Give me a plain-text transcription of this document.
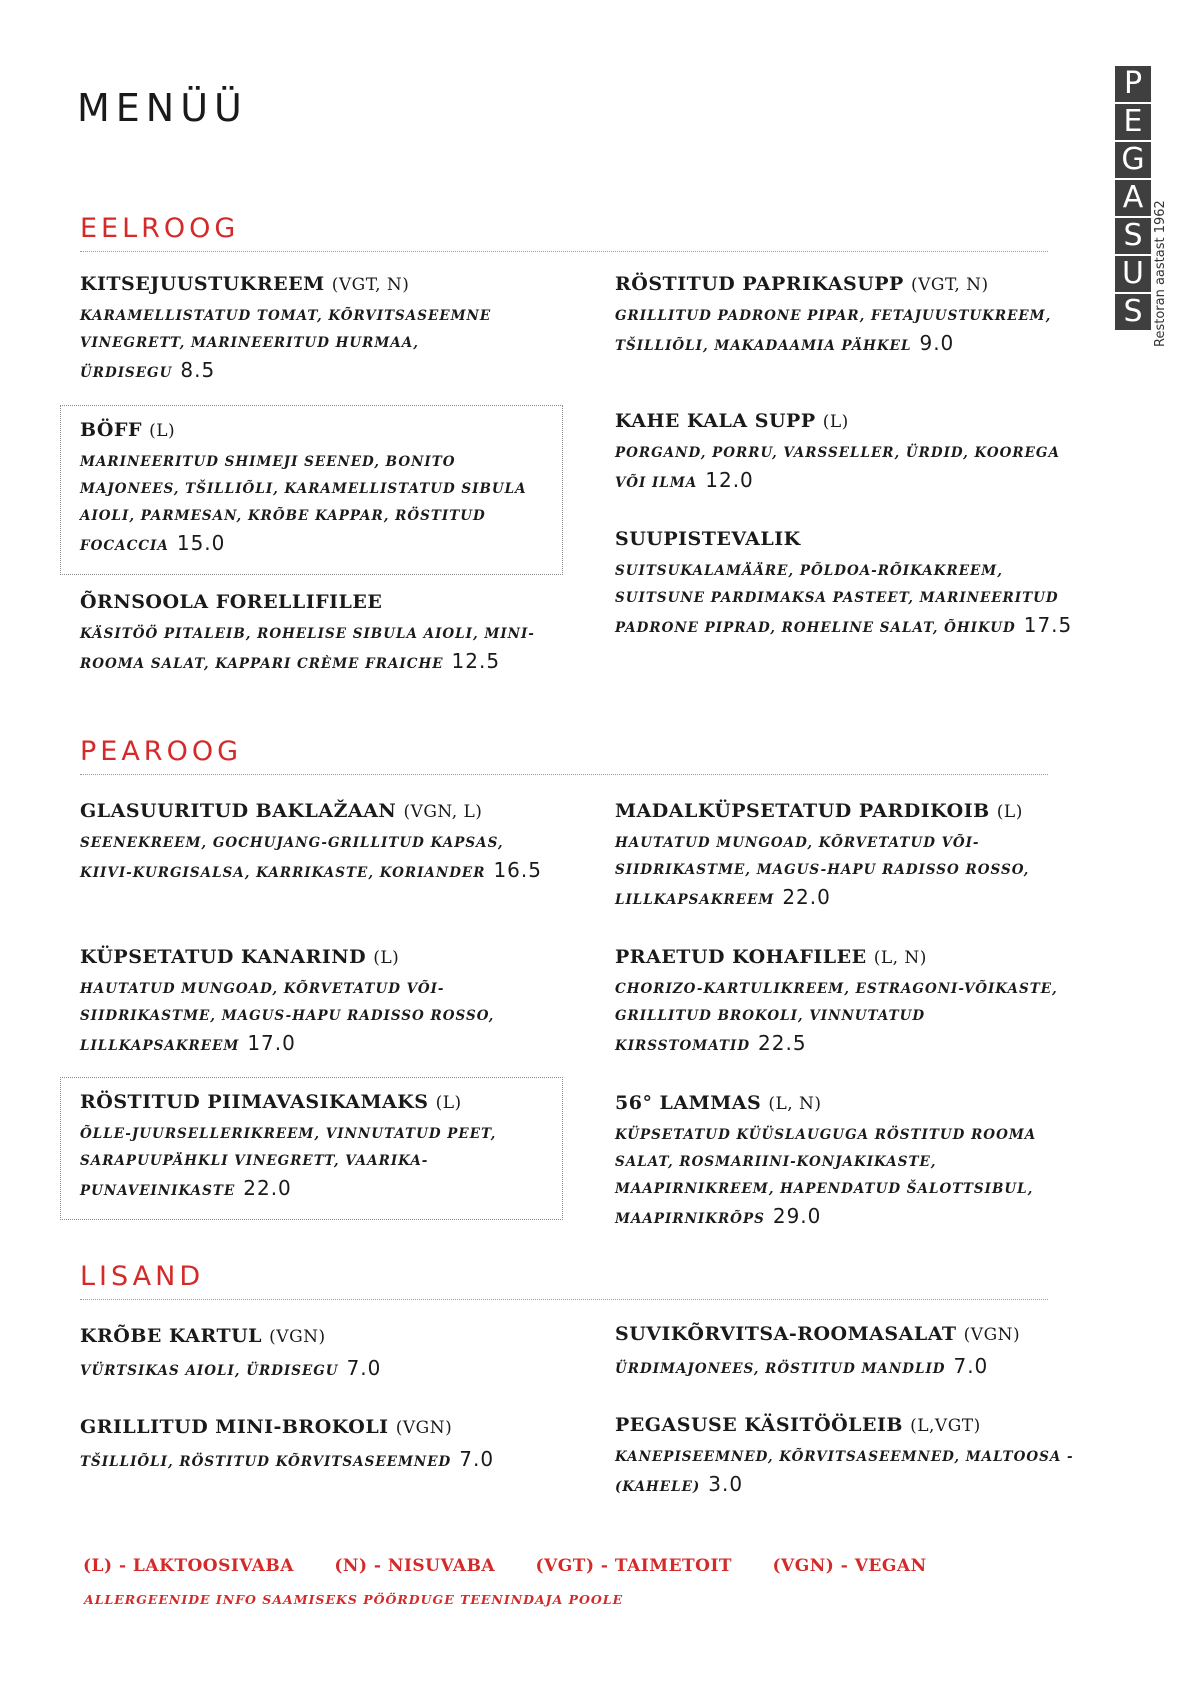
MENÜÜ
P
E
G
A
S
U
S Restoran aastast 1962
EELROOG

KITSEJUUSTUKREEM (VGT, N)

KARAMELLISTATUD TOMAT, KÕRVITSASEEMNE VINEGRETT, MARINEERITUD HURMAA, ÜRDISEGU 8.5

BÖFF (L)

MARINEERITUD SHIMEJI SEENED, BONITO MAJONEES, TŠILLIÕLI, KARAMELLISTATUD SIBULA AIOLI, PARMESAN, KRÕBE KAPPAR, RÖSTITUD FOCACCIA 15.0

ÕRNSOOLA FORELLIFILEE

KÄSITÖÖ PITALEIB, ROHELISE SIBULA AIOLI, MINI-ROOMA SALAT, KAPPARI CRÈME FRAICHE 12.5

RÖSTITUD PAPRIKASUPP (VGT, N)

GRILLITUD PADRONE PIPAR, FETAJUUSTUKREEM, TŠILLIÕLI, MAKADAAMIA PÄHKEL 9.0

KAHE KALA SUPP (L)

PORGAND, PORRU, VARSSELLER, ÜRDID, KOOREGA VÕI ILMA 12.0

SUUPISTEVALIK

SUITSUKALAMÄÄRE, PÕLDOA-RÕIKAKREEM, SUITSUNE PARDIMAKSA PASTEET, MARINEERITUD PADRONE PIPRAD, ROHELINE SALAT, ÕHIKUD 17.5

PEAROOG

GLASUURITUD BAKLAŽAAN (VGN, L)

SEENEKREEM, GOCHUJANG-GRILLITUD KAPSAS, KIIVI-KURGISALSA, KARRIKASTE, KORIANDER 16.5

KÜPSETATUD KANARIND (L)

HAUTATUD MUNGOAD, KÕRVETATUD VÕI-SIIDRIKASTME, MAGUS-HAPU RADISSO ROSSO, LILLKAPSAKREEM 17.0

RÖSTITUD PIIMAVASIKAMAKS (L)

ÕLLE-JUURSELLERIKREEM, VINNUTATUD PEET, SARAPUUPÄHKLI VINEGRETT, VAARIKA-PUNAVEINIKASTE 22.0

MADALKÜPSETATUD PARDIKOIB (L)

HAUTATUD MUNGOAD, KÕRVETATUD VÕI-SIIDRIKASTME, MAGUS-HAPU RADISSO ROSSO, LILLKAPSAKREEM 22.0

PRAETUD KOHAFILEE (L, N)

CHORIZO-KARTULIKREEM, ESTRAGONI-VÕIKASTE, GRILLITUD BROKOLI, VINNUTATUD KIRSSTOMATID 22.5

56° LAMMAS (L, N)

KÜPSETATUD KÜÜSLAUGUGA RÖSTITUD ROOMA SALAT, ROSMARIINI-KONJAKIKASTE, MAAPIRNIKREEM, HAPENDATUD ŠALOTTSIBUL, MAAPIRNIKRÕPS 29.0

LISAND

KRÕBE KARTUL (VGN)

VÜRTSIKAS AIOLI, ÜRDISEGU 7.0

GRILLITUD MINI-BROKOLI (VGN)

TŠILLIÕLI, RÖSTITUD KÕRVITSASEEMNED 7.0

SUVIKÕRVITSA-ROOMASALAT (VGN)

ÜRDIMAJONEES, RÖSTITUD MANDLID 7.0

PEGASUSE KÄSITÖÖLEIB (L,VGT)

KANEPISEEMNED, KÕRVITSASEEMNED, MALTOOSA - (KAHELE) 3.0

(L) - LAKTOOSIVABA (N) - NISUVABA (VGT) - TAIMETOIT (VGN) - VEGAN
ALLERGEENIDE INFO SAAMISEKS PÖÖRDUGE TEENINDAJA POOLE
